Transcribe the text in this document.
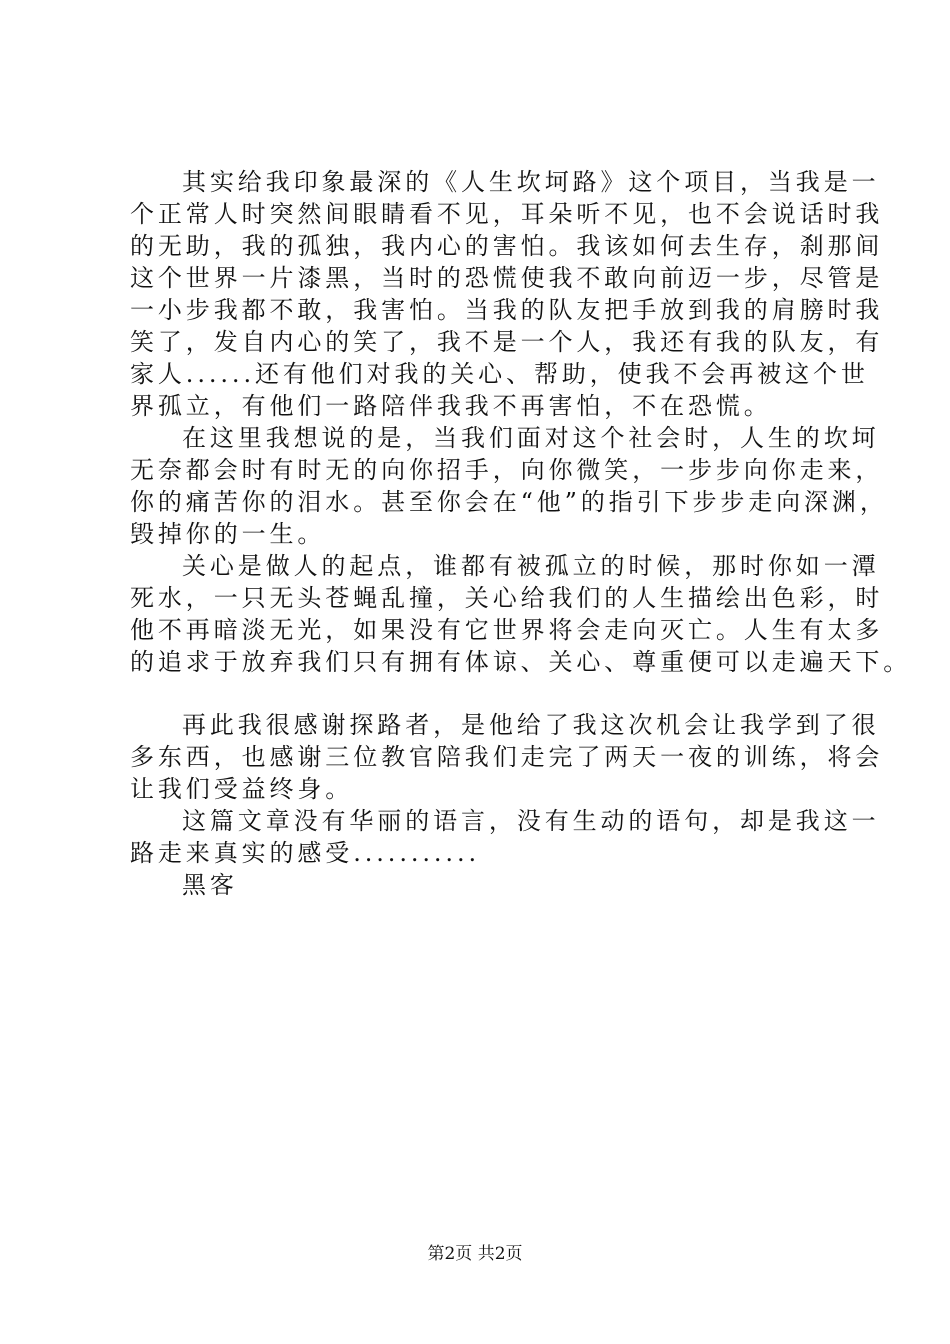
其实给我印象最深的《人生坎坷路》这个项目，当我是一
个正常人时突然间眼睛看不见，耳朵听不见，也不会说话时我
的无助，我的孤独，我内心的害怕。我该如何去生存，刹那间
这个世界一片漆黑，当时的恐慌使我不敢向前迈一步，尽管是
一小步我都不敢，我害怕。当我的队友把手放到我的肩膀时我
笑了，发自内心的笑了，我不是一个人，我还有我的队友，有
家人......还有他们对我的关心、帮助，使我不会再被这个世
界孤立，有他们一路陪伴我我不再害怕，不在恐慌。
在这里我想说的是，当我们面对这个社会时，人生的坎坷
无奈都会时有时无的向你招手，向你微笑，一步步向你走来，
你的痛苦你的泪水。甚至你会在“他”的指引下步步走向深渊，
毁掉你的一生。
关心是做人的起点，谁都有被孤立的时候，那时你如一潭
死水，一只无头苍蝇乱撞，关心给我们的人生描绘出色彩，时
他不再暗淡无光，如果没有它世界将会走向灭亡。人生有太多
的追求于放弃我们只有拥有体谅、关心、尊重便可以走遍天下。
再此我很感谢探路者，是他给了我这次机会让我学到了很
多东西，也感谢三位教官陪我们走完了两天一夜的训练，将会
让我们受益终身。
这篇文章没有华丽的语言，没有生动的语句，却是我这一
路走来真实的感受...........
黑客
第2页 共2页
